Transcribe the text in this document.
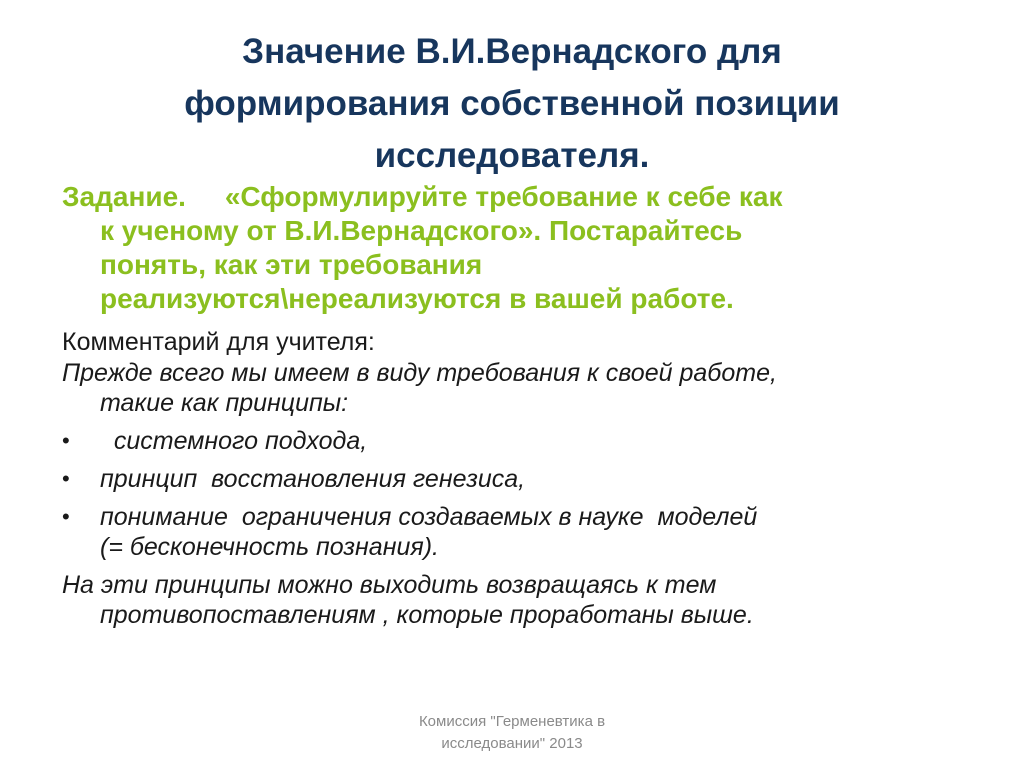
Значение В.И.Вернадского для
формирования собственной позиции
исследователя.
Задание.     «Сформулируйте требование к себе как
к ученому от В.И.Вернадского». Постарайтесь
понять, как эти требования
реализуются\нереализуются в вашей работе.
Комментарий для учителя:
Прежде всего мы имеем в виду требования к своей работе,
такие как принципы:
• системного подхода,
• принцип  восстановления генезиса,
• понимание  ограничения создаваемых в науке  моделей
(= бесконечность познания).
На эти принципы можно выходить возвращаясь к тем
противопоставлениям , которые проработаны выше.
Комиссия "Герменевтика в
исследовании" 2013
